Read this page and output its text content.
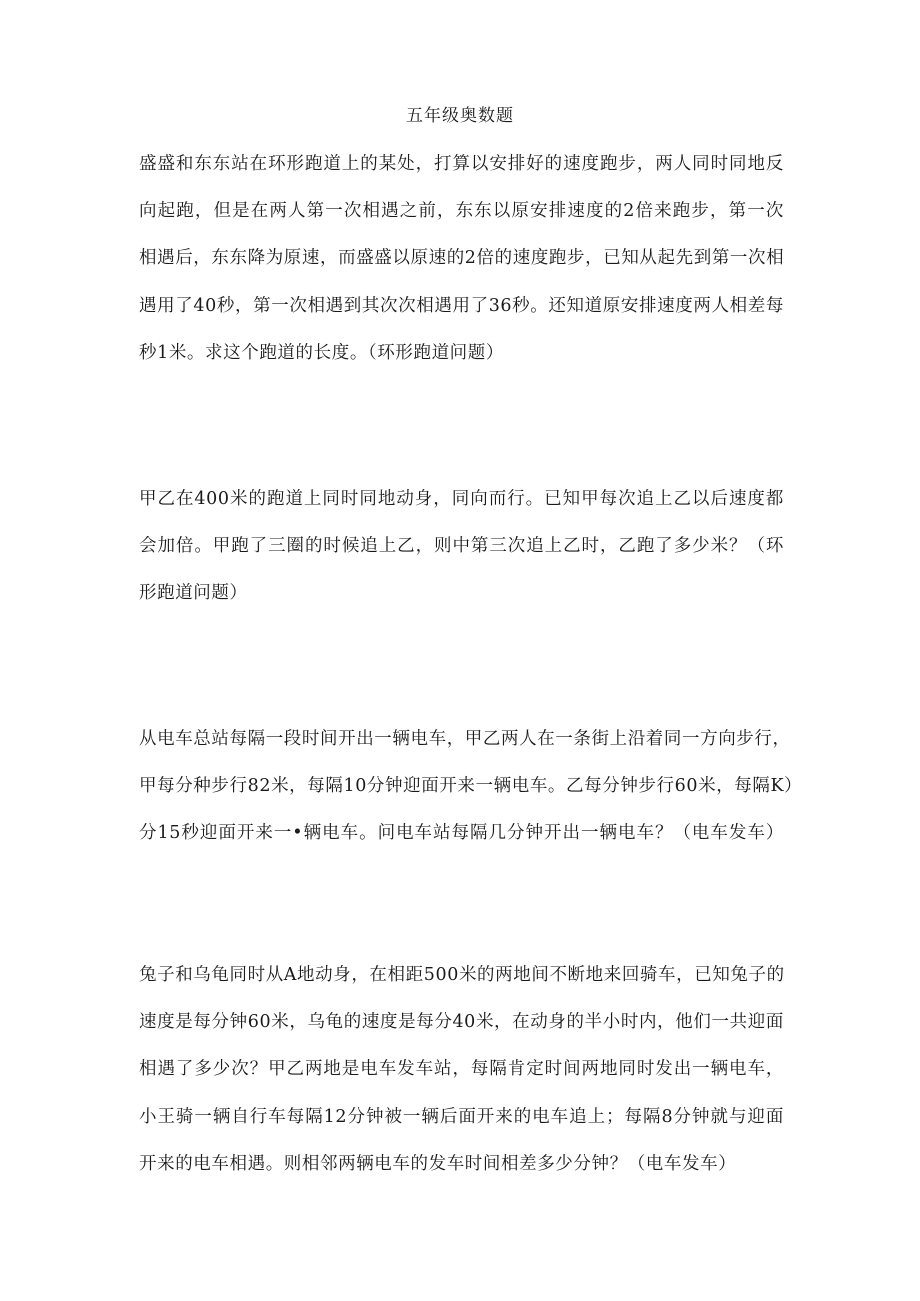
五年级奥数题
盛盛和东东站在环形跑道上的某处，打算以安排好的速度跑步，两人同时同地反
向起跑，但是在两人第一次相遇之前，东东以原安排速度的2倍来跑步，第一次
相遇后，东东降为原速，而盛盛以原速的2倍的速度跑步，已知从起先到第一次相
遇用了40秒，第一次相遇到其次次相遇用了36秒。还知道原安排速度两人相差每
秒1米。求这个跑道的长度。（环形跑道问题）
甲乙在400米的跑道上同时同地动身，同向而行。已知甲每次追上乙以后速度都
会加倍。甲跑了三圈的时候追上乙，则中第三次追上乙时，乙跑了多少米？（环
形跑道问题）
从电车总站每隔一段时间开出一辆电车，甲乙两人在一条街上沿着同一方向步行，
甲每分种步行82米，每隔10分钟迎面开来一辆电车。乙每分钟步行60米，每隔K）
分15秒迎面开来一•辆电车。问电车站每隔几分钟开出一辆电车？（电车发车）
兔子和乌龟同时从A地动身，在相距500米的两地间不断地来回骑车，已知兔子的
速度是每分钟60米，乌龟的速度是每分40米，在动身的半小时内，他们一共迎面
相遇了多少次？甲乙两地是电车发车站，每隔肯定时间两地同时发出一辆电车，
小王骑一辆自行车每隔12分钟被一辆后面开来的电车追上；每隔8分钟就与迎面
开来的电车相遇。则相邻两辆电车的发车时间相差多少分钟？（电车发车）
